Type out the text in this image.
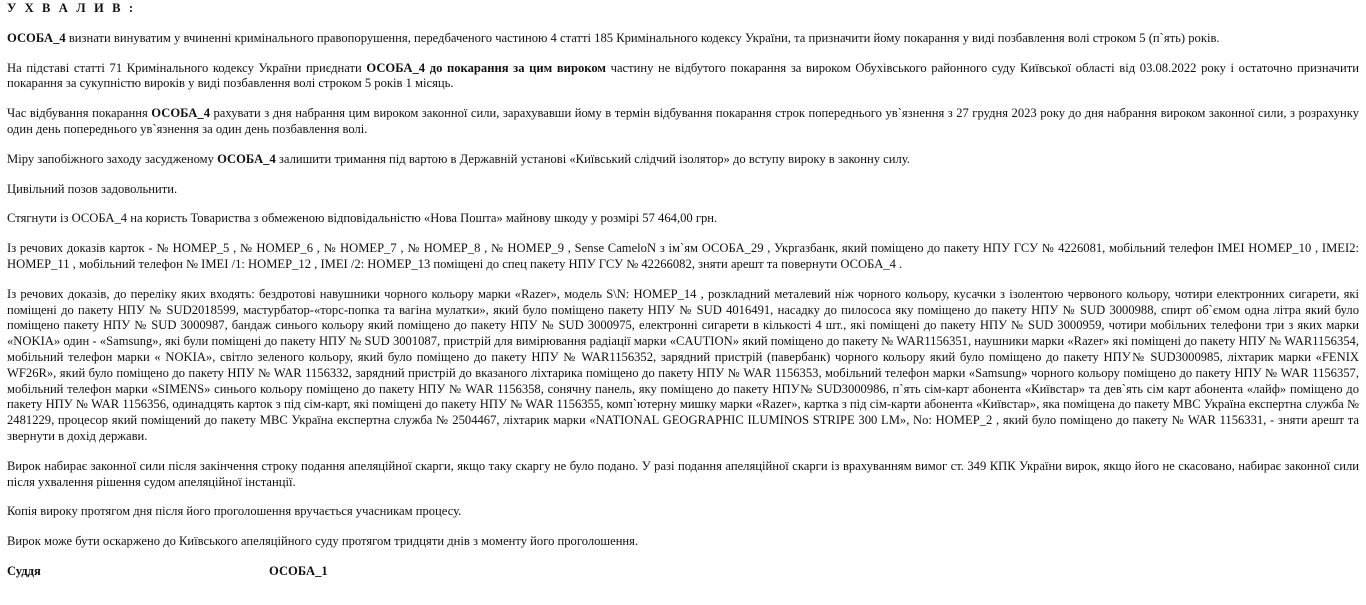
У Х В А Л И В :

ОСОБА_4 визнати винуватим у вчиненні кримінального правопорушення, передбаченого частиною 4 статті 185 Кримінального кодексу України, та призначити йому покарання у виді позбавлення волі строком 5 (п`ять) років.

На підставі статті 71 Кримінального кодексу України приєднати ОСОБА_4 до покарання за цим вироком частину не відбутого покарання за вироком Обухівського районного суду Київської області від 03.08.2022 року і остаточно призначити покарання за сукупністю вироків у виді позбавлення волі строком 5 років 1 місяць.

Час відбування покарання ОСОБА_4 рахувати з дня набрання цим вироком законної сили, зарахувавши йому в термін відбування покарання строк попереднього ув`язнення з 27 грудня 2023 року до дня набрання вироком законної сили, з розрахунку один день попереднього ув`язнення за один день позбавлення волі.

Міру запобіжного заходу засудженому ОСОБА_4 залишити тримання під вартою в Державній установі «Київський слідчий ізолятор» до вступу вироку в законну силу.

Цивільний позов задовольнити.

Стягнути із ОСОБА_4 на користь Товариства з обмеженою відповідальністю «Нова Пошта» майнову шкоду у розмірі 57 464,00 грн.

Із речових доказів карток - № НОМЕР_5 , № НОМЕР_6 , № НОМЕР_7 , № НОМЕР_8 , № НОМЕР_9 , Sense CameloN з ім`ям ОСОБА_29 , Укргазбанк, який поміщено до пакету НПУ ГСУ № 4226081, мобільний телефон IMEI НОМЕР_10 , IMEI2: НОМЕР_11 , мобільний телефон № IMEI /1: НОМЕР_12 , IMEI /2: НОМЕР_13 поміщені до спец пакету НПУ ГСУ № 42266082, зняти арешт та повернути ОСОБА_4 .

Із речових доказів, до переліку яких входять: бездротові навушники чорного кольору марки «Razer», модель S\N: НОМЕР_14 , розкладний металевий ніж чорного кольору, кусачки з ізолентою червоного кольору, чотири електронних сигарети, які поміщені до пакету НПУ № SUD2018599, мастурбатор-«торс-попка та вагіна мулатки», який було поміщено пакету НПУ № SUD 4016491, насадку до пилососа яку поміщено до пакету НПУ № SUD 3000988, спирт об`ємом одна літра який було поміщено пакету НПУ № SUD 3000987, бандаж синього кольору який поміщено до пакету НПУ № SUD 3000975, електронні сигарети в кількості 4 шт., які поміщені до пакету НПУ № SUD 3000959, чотири мобільних телефони три з яких марки «NOKIA» один - «Samsung», які були поміщені до пакету НПУ № SUD 3001087, пристрій для вимірювання радіації марки «CAUTION» який поміщено до пакету № WAR1156351, наушники марки «Razer» які поміщені до пакету НПУ № WAR1156354, мобільний телефон марки « NOKIA», світло зеленого кольору, який було поміщено до пакету НПУ № WAR1156352, зарядний пристрій (павербанк) чорного кольору який було поміщено до пакету НПУ№ SUD3000985, ліхтарик марки «FENIX WF26R», який було поміщено до пакету НПУ № WAR 1156332, зарядний пристрій до вказаного ліхтарика поміщено до пакету НПУ № WAR 1156353, мобільний телефон марки «Samsung» чорного кольору поміщено до пакету НПУ № WAR 1156357, мобільний телефон марки «SIMENS» синього кольору поміщено до пакету НПУ № WAR 1156358, сонячну панель, яку поміщено до пакету НПУ№ SUD3000986, п`ять сім-карт абонента «Київстар» та дев`ять сім карт абонента «лайф» поміщено до пакету НПУ № WAR 1156356, одинадцять карток з під сім-карт, які поміщені до пакету НПУ № WAR 1156355, комп`ютерну мишку марки «Razer», картка з під сім-карти абонента «Київстар», яка поміщена до пакету МВС Україна експертна служба № 2481229, процесор який поміщений до пакету МВС Україна експертна служба № 2504467, ліхтарик марки «NATIONAL GEOGRAPHIC ILUMINOS STRIPE 300 LM», No: НОМЕР_2 , який було поміщено до пакету № WAR 1156331, - зняти арешт та звернути в дохід держави.

Вирок набирає законної сили після закінчення строку подання апеляційної скарги, якщо таку скаргу не було подано. У разі подання апеляційної скарги із врахуванням вимог ст. 349 КПК України вирок, якщо його не скасовано, набирає законної сили після ухвалення рішення судом апеляційної інстанції.

Копія вироку протягом дня після його проголошення вручається учасникам процесу.

Вирок може бути оскаржено до Київського апеляційного суду протягом тридцяти днів з моменту його проголошення.

Суддя	ОСОБА_1
